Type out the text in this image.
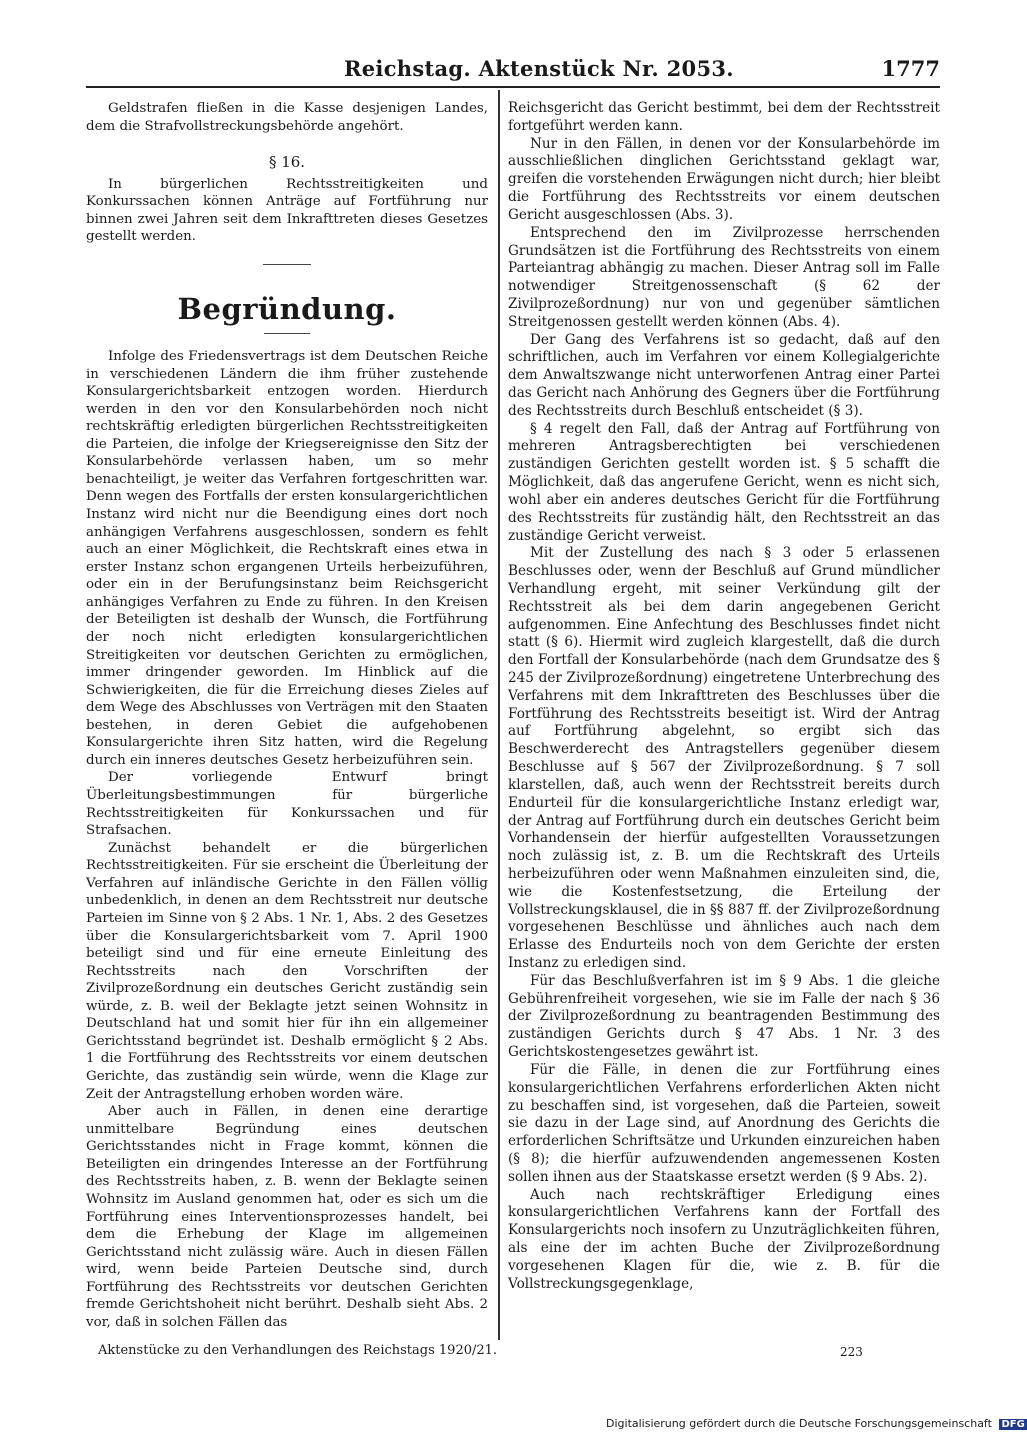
Reichstag. Aktenstück Nr. 2053.	1777

Geldstrafen fließen in die Kasse desjenigen Landes, dem die Strafvollstreckungsbehörde angehört.

§ 16.

In bürgerlichen Rechtsstreitigkeiten und Konkurssachen können Anträge auf Fortführung nur binnen zwei Jahren seit dem Inkrafttreten dieses Gesetzes gestellt werden.

Begründung.

Infolge des Friedensvertrags ist dem Deutschen Reiche in verschiedenen Ländern die ihm früher zustehende Konsulargerichtsbarkeit entzogen worden. Hierdurch werden in den vor den Konsularbehörden noch nicht rechtskräftig erledigten bürgerlichen Rechtsstreitigkeiten die Parteien, die infolge der Kriegsereignisse den Sitz der Konsularbehörde verlassen haben, um so mehr benachteiligt, je weiter das Verfahren fortgeschritten war. Denn wegen des Fortfalls der ersten konsulargerichtlichen Instanz wird nicht nur die Beendigung eines dort noch anhängigen Verfahrens ausgeschlossen, sondern es fehlt auch an einer Möglichkeit, die Rechtskraft eines etwa in erster Instanz schon ergangenen Urteils herbeizuführen, oder ein in der Berufungsinstanz beim Reichsgericht anhängiges Verfahren zu Ende zu führen. In den Kreisen der Beteiligten ist deshalb der Wunsch, die Fortführung der noch nicht erledigten konsulargerichtlichen Streitigkeiten vor deutschen Gerichten zu ermöglichen, immer dringender geworden. Im Hinblick auf die Schwierigkeiten, die für die Erreichung dieses Zieles auf dem Wege des Abschlusses von Verträgen mit den Staaten bestehen, in deren Gebiet die aufgehobenen Konsulargerichte ihren Sitz hatten, wird die Regelung durch ein inneres deutsches Gesetz herbeizuführen sein.

Der vorliegende Entwurf bringt Überleitungsbestimmungen für bürgerliche Rechtsstreitigkeiten für Konkurssachen und für Strafsachen.

Zunächst behandelt er die bürgerlichen Rechtsstreitigkeiten. Für sie erscheint die Überleitung der Verfahren auf inländische Gerichte in den Fällen völlig unbedenklich, in denen an dem Rechtsstreit nur deutsche Parteien im Sinne von § 2 Abs. 1 Nr. 1, Abs. 2 des Gesetzes über die Konsulargerichtsbarkeit vom 7. April 1900 beteiligt sind und für eine erneute Einleitung des Rechtsstreits nach den Vorschriften der Zivilprozeßordnung ein deutsches Gericht zuständig sein würde, z. B. weil der Beklagte jetzt seinen Wohnsitz in Deutschland hat und somit hier für ihn ein allgemeiner Gerichtsstand begründet ist. Deshalb ermöglicht § 2 Abs. 1 die Fortführung des Rechtsstreits vor einem deutschen Gerichte, das zuständig sein würde, wenn die Klage zur Zeit der Antragstellung erhoben worden wäre.

Aber auch in Fällen, in denen eine derartige unmittelbare Begründung eines deutschen Gerichtsstandes nicht in Frage kommt, können die Beteiligten ein dringendes Interesse an der Fortführung des Rechtsstreits haben, z. B. wenn der Beklagte seinen Wohnsitz im Ausland genommen hat, oder es sich um die Fortführung eines Interventionsprozesses handelt, bei dem die Erhebung der Klage im allgemeinen Gerichtsstand nicht zulässig wäre. Auch in diesen Fällen wird, wenn beide Parteien Deutsche sind, durch Fortführung des Rechtsstreits vor deutschen Gerichten fremde Gerichtshoheit nicht berührt. Deshalb sieht Abs. 2 vor, daß in solchen Fällen das

Reichsgericht das Gericht bestimmt, bei dem der Rechtsstreit fortgeführt werden kann.

Nur in den Fällen, in denen vor der Konsularbehörde im ausschließlichen dinglichen Gerichtsstand geklagt war, greifen die vorstehenden Erwägungen nicht durch; hier bleibt die Fortführung des Rechtsstreits vor einem deutschen Gericht ausgeschlossen (Abs. 3).

Entsprechend den im Zivilprozesse herrschenden Grundsätzen ist die Fortführung des Rechtsstreits von einem Parteiantrag abhängig zu machen. Dieser Antrag soll im Falle notwendiger Streitgenossenschaft (§ 62 der Zivilprozeßordnung) nur von und gegenüber sämtlichen Streitgenossen gestellt werden können (Abs. 4).

Der Gang des Verfahrens ist so gedacht, daß auf den schriftlichen, auch im Verfahren vor einem Kollegialgerichte dem Anwaltszwange nicht unterworfenen Antrag einer Partei das Gericht nach Anhörung des Gegners über die Fortführung des Rechtsstreits durch Beschluß entscheidet (§ 3).

§ 4 regelt den Fall, daß der Antrag auf Fortführung von mehreren Antragsberechtigten bei verschiedenen zuständigen Gerichten gestellt worden ist. § 5 schafft die Möglichkeit, daß das angerufene Gericht, wenn es nicht sich, wohl aber ein anderes deutsches Gericht für die Fortführung des Rechtsstreits für zuständig hält, den Rechtsstreit an das zuständige Gericht verweist.

Mit der Zustellung des nach § 3 oder 5 erlassenen Beschlusses oder, wenn der Beschluß auf Grund mündlicher Verhandlung ergeht, mit seiner Verkündung gilt der Rechtsstreit als bei dem darin angegebenen Gericht aufgenommen. Eine Anfechtung des Beschlusses findet nicht statt (§ 6). Hiermit wird zugleich klargestellt, daß die durch den Fortfall der Konsularbehörde (nach dem Grundsatze des § 245 der Zivilprozeßordnung) eingetretene Unterbrechung des Verfahrens mit dem Inkrafttreten des Beschlusses über die Fortführung des Rechtsstreits beseitigt ist. Wird der Antrag auf Fortführung abgelehnt, so ergibt sich das Beschwerderecht des Antragstellers gegenüber diesem Beschlusse auf § 567 der Zivilprozeßordnung. § 7 soll klarstellen, daß, auch wenn der Rechtsstreit bereits durch Endurteil für die konsulargerichtliche Instanz erledigt war, der Antrag auf Fortführung durch ein deutsches Gericht beim Vorhandensein der hierfür aufgestellten Voraussetzungen noch zulässig ist, z. B. um die Rechtskraft des Urteils herbeizuführen oder wenn Maßnahmen einzuleiten sind, die, wie die Kostenfestsetzung, die Erteilung der Vollstreckungsklausel, die in §§ 887 ff. der Zivilprozeßordnung vorgesehenen Beschlüsse und ähnliches auch nach dem Erlasse des Endurteils noch von dem Gerichte der ersten Instanz zu erledigen sind.

Für das Beschlußverfahren ist im § 9 Abs. 1 die gleiche Gebührenfreiheit vorgesehen, wie sie im Falle der nach § 36 der Zivilprozeßordnung zu beantragenden Bestimmung des zuständigen Gerichts durch § 47 Abs. 1 Nr. 3 des Gerichtskostengesetzes gewährt ist.

Für die Fälle, in denen die zur Fortführung eines konsulargerichtlichen Verfahrens erforderlichen Akten nicht zu beschaffen sind, ist vorgesehen, daß die Parteien, soweit sie dazu in der Lage sind, auf Anordnung des Gerichts die erforderlichen Schriftsätze und Urkunden einzureichen haben (§ 8); die hierfür aufzuwendenden angemessenen Kosten sollen ihnen aus der Staatskasse ersetzt werden (§ 9 Abs. 2).

Auch nach rechtskräftiger Erledigung eines konsulargerichtlichen Verfahrens kann der Fortfall des Konsulargerichts noch insofern zu Unzuträglichkeiten führen, als eine der im achten Buche der Zivilprozeßordnung vorgesehenen Klagen für die, wie z. B. für die Vollstreckungsgegenklage,

Aktenstücke zu den Verhandlungen des Reichstags 1920/21.	223
Digitalisierung gefördert durch die Deutsche Forschungsgemeinschaft DFG
